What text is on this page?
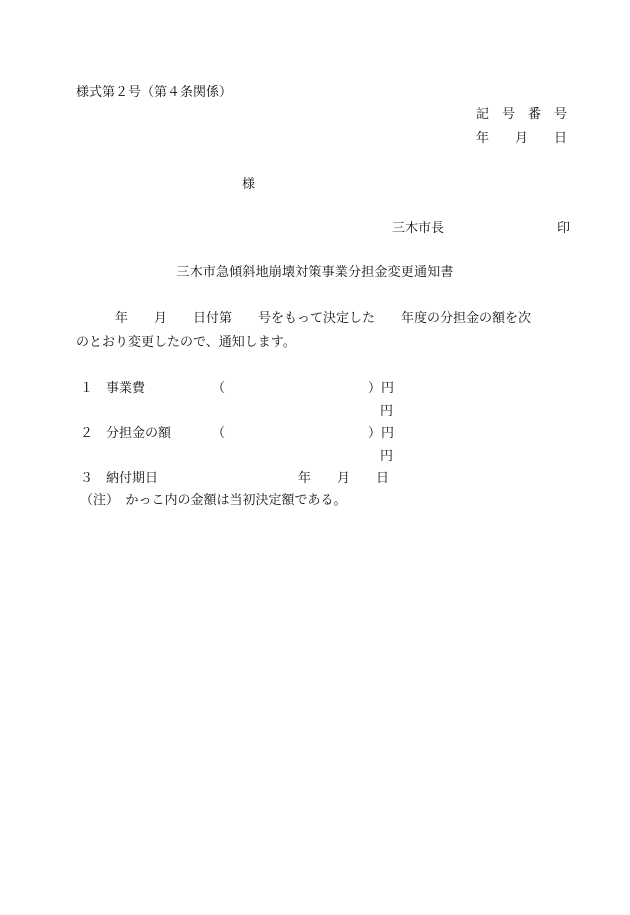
様式第２号（第４条関係）
記　号　番　号
年　　月　　日
様
三木市長	印
三木市急傾斜地崩壊対策事業分担金変更通知書
　　　年　　月　　日付第　　号をもって決定した　　年度の分担金の額を次
のとおり変更したので、通知します。
１ 事業費	（	）円
円
２ 分担金の額	（	）円
円
３ 納付期日	年　　月　　日
（注）　かっこ内の金額は当初決定額である。
